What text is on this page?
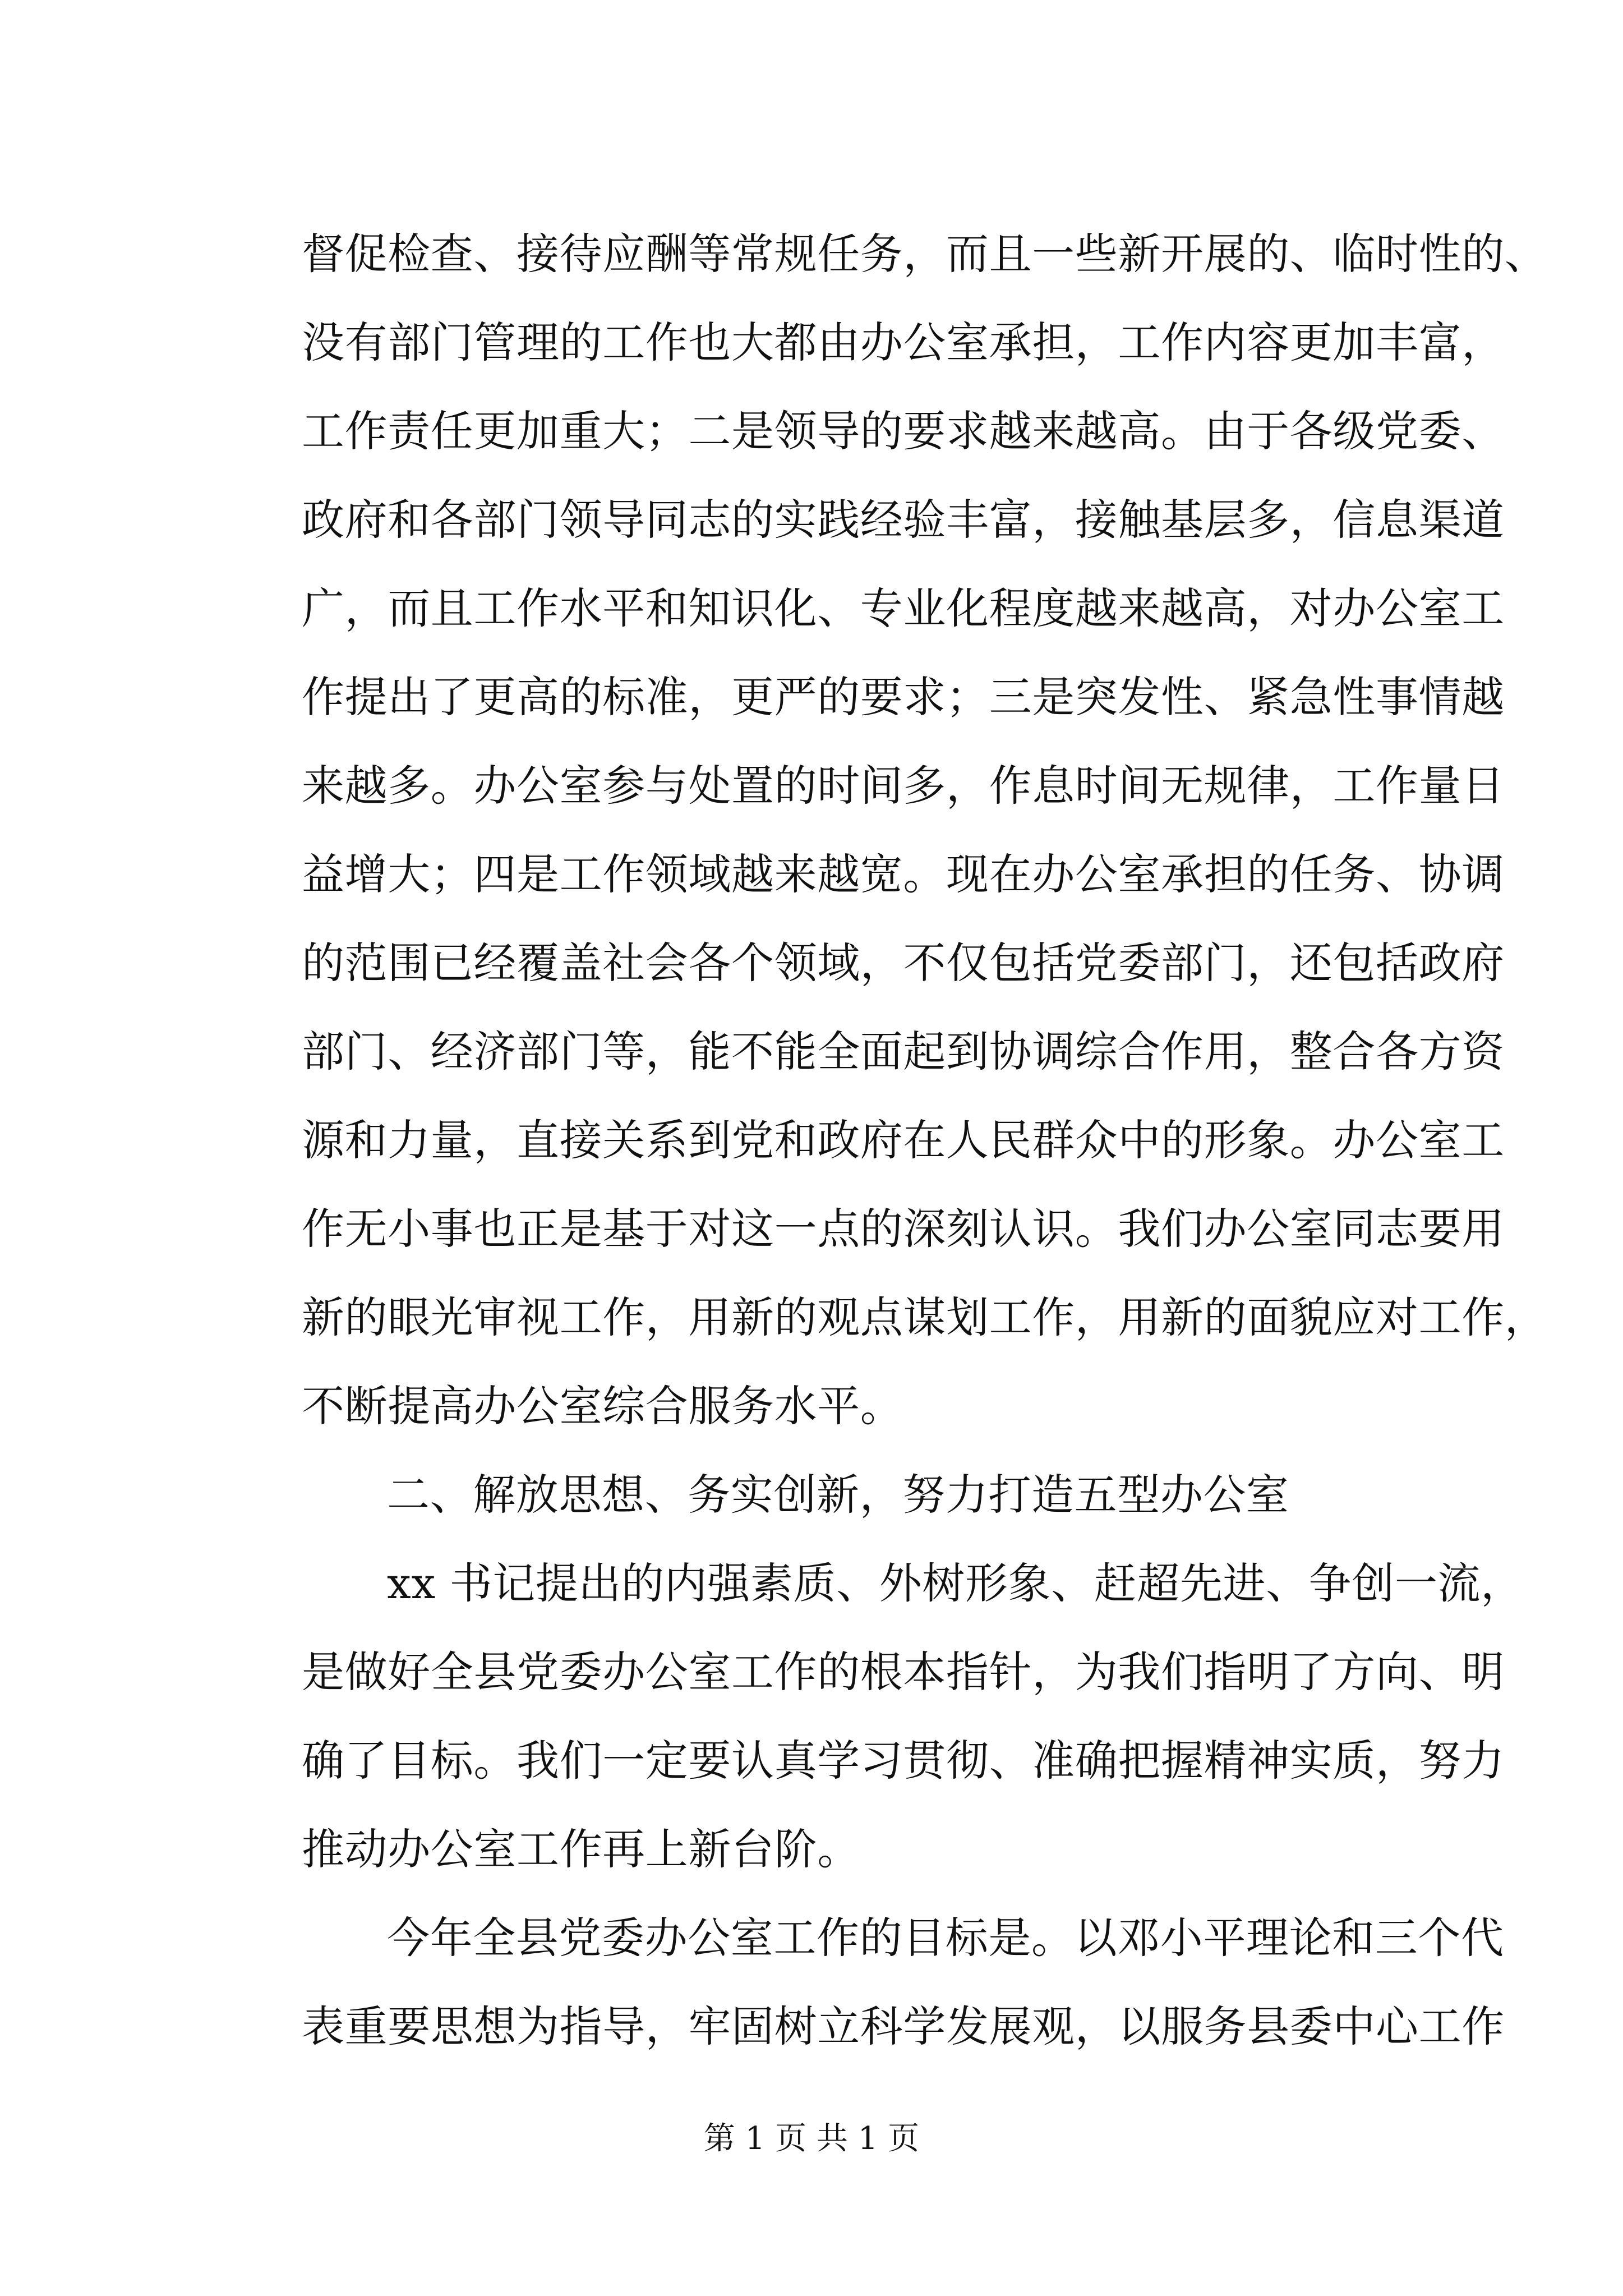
督促检查、接待应酬等常规任务，而且一些新开展的、临时性的、
没有部门管理的工作也大都由办公室承担，工作内容更加丰富，
工作责任更加重大；二是领导的要求越来越高。由于各级党委、
政府和各部门领导同志的实践经验丰富，接触基层多，信息渠道
广，而且工作水平和知识化、专业化程度越来越高，对办公室工
作提出了更高的标准，更严的要求；三是突发性、紧急性事情越
来越多。办公室参与处置的时间多，作息时间无规律，工作量日
益增大；四是工作领域越来越宽。现在办公室承担的任务、协调
的范围已经覆盖社会各个领域，不仅包括党委部门，还包括政府
部门、经济部门等，能不能全面起到协调综合作用，整合各方资
源和力量，直接关系到党和政府在人民群众中的形象。办公室工
作无小事也正是基于对这一点的深刻认识。我们办公室同志要用
新的眼光审视工作，用新的观点谋划工作，用新的面貌应对工作，
不断提高办公室综合服务水平。
二、解放思想、务实创新，努力打造五型办公室
xx 书记提出的内强素质、外树形象、赶超先进、争创一流，
是做好全县党委办公室工作的根本指针，为我们指明了方向、明
确了目标。我们一定要认真学习贯彻、准确把握精神实质，努力
推动办公室工作再上新台阶。
今年全县党委办公室工作的目标是。以邓小平理论和三个代
表重要思想为指导，牢固树立科学发展观，以服务县委中心工作
第 1 页 共 1 页
